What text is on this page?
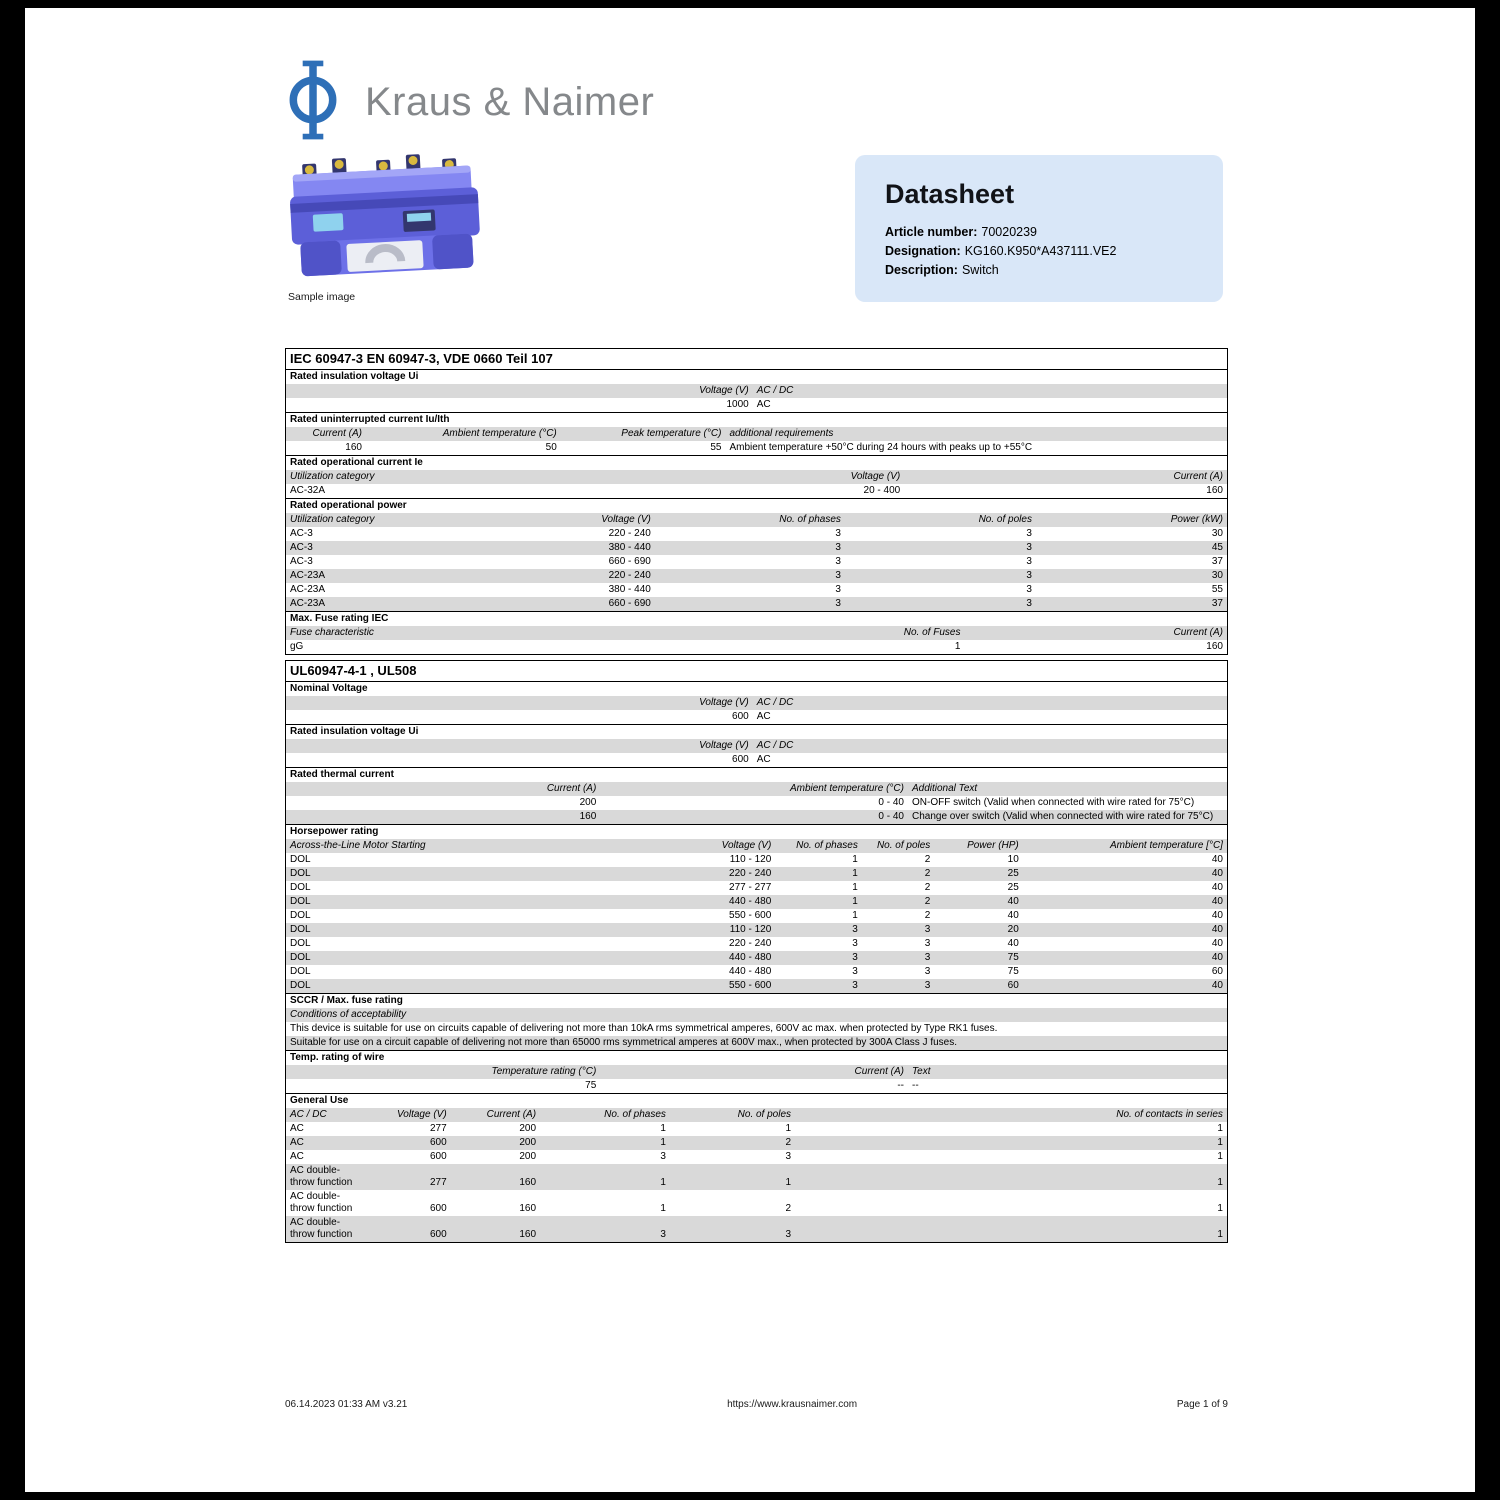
Kraus & Naimer
Sample image
Datasheet
Article number: 70020239
Designation: KG160.K950*A437111.VE2
Description: Switch
IEC 60947-3 EN 60947-3, VDE 0660 Teil 107
Rated insulation voltage Ui
Voltage (V) AC / DC
1000 AC
Rated uninterrupted current Iu/Ith
Current (A)	Ambient temperature (°C)	Peak temperature (°C) additional requirements
160	50	55 Ambient temperature +50°C during 24 hours with peaks up to +55°C
Rated operational current Ie
Utilization category	Voltage (V)	Current (A)
AC-32A	20 - 400	160
Rated operational power
Utilization category	Voltage (V)	No. of phases	No. of poles	Power (kW)
AC-3	220 - 240	3	3	30
AC-3	380 - 440	3	3	45
AC-3	660 - 690	3	3	37
AC-23A	220 - 240	3	3	30
AC-23A	380 - 440	3	3	55
AC-23A	660 - 690	3	3	37
Max. Fuse rating IEC
Fuse characteristic	No. of Fuses	Current (A)
gG	1	160
UL60947-4-1 , UL508
Nominal Voltage
Voltage (V) AC / DC
600 AC
Rated insulation voltage Ui
Voltage (V) AC / DC
600 AC
Rated thermal current
Current (A)	Ambient temperature (°C) Additional Text
200	0 - 40 ON-OFF switch (Valid when connected with wire rated for 75°C)
160	0 - 40 Change over switch (Valid when connected with wire rated for 75°C)
Horsepower rating
Across-the-Line Motor Starting	Voltage (V)	No. of phases	No. of poles	Power (HP)	Ambient temperature [°C]
DOL	110 - 120	1	2	10	40
DOL	220 - 240	1	2	25	40
DOL	277 - 277	1	2	25	40
DOL	440 - 480	1	2	40	40
DOL	550 - 600	1	2	40	40
DOL	110 - 120	3	3	20	40
DOL	220 - 240	3	3	40	40
DOL	440 - 480	3	3	75	40
DOL	440 - 480	3	3	75	60
DOL	550 - 600	3	3	60	40
SCCR / Max. fuse rating
Conditions of acceptability
This device is suitable for use on circuits capable of delivering not more than 10kA rms symmetrical amperes, 600V ac max. when protected by Type RK1 fuses.
Suitable for use on a circuit capable of delivering not more than 65000 rms symmetrical amperes at 600V max., when protected by 300A Class J fuses.
Temp. rating of wire
Temperature rating (°C)	Current (A) Text
75	-- --
General Use
AC / DC	Voltage (V)	Current (A)	No. of phases	No. of poles	No. of contacts in series
AC	277	200	1	1	1
AC	600	200	1	2	1
AC	600	200	3	3	1
AC double-throw function	277	160	1	1	1
AC double-throw function	600	160	1	2	1
AC double-throw function	600	160	3	3	1
06.14.2023 01:33 AM v3.21	https://www.krausnaimer.com	Page 1 of 9
